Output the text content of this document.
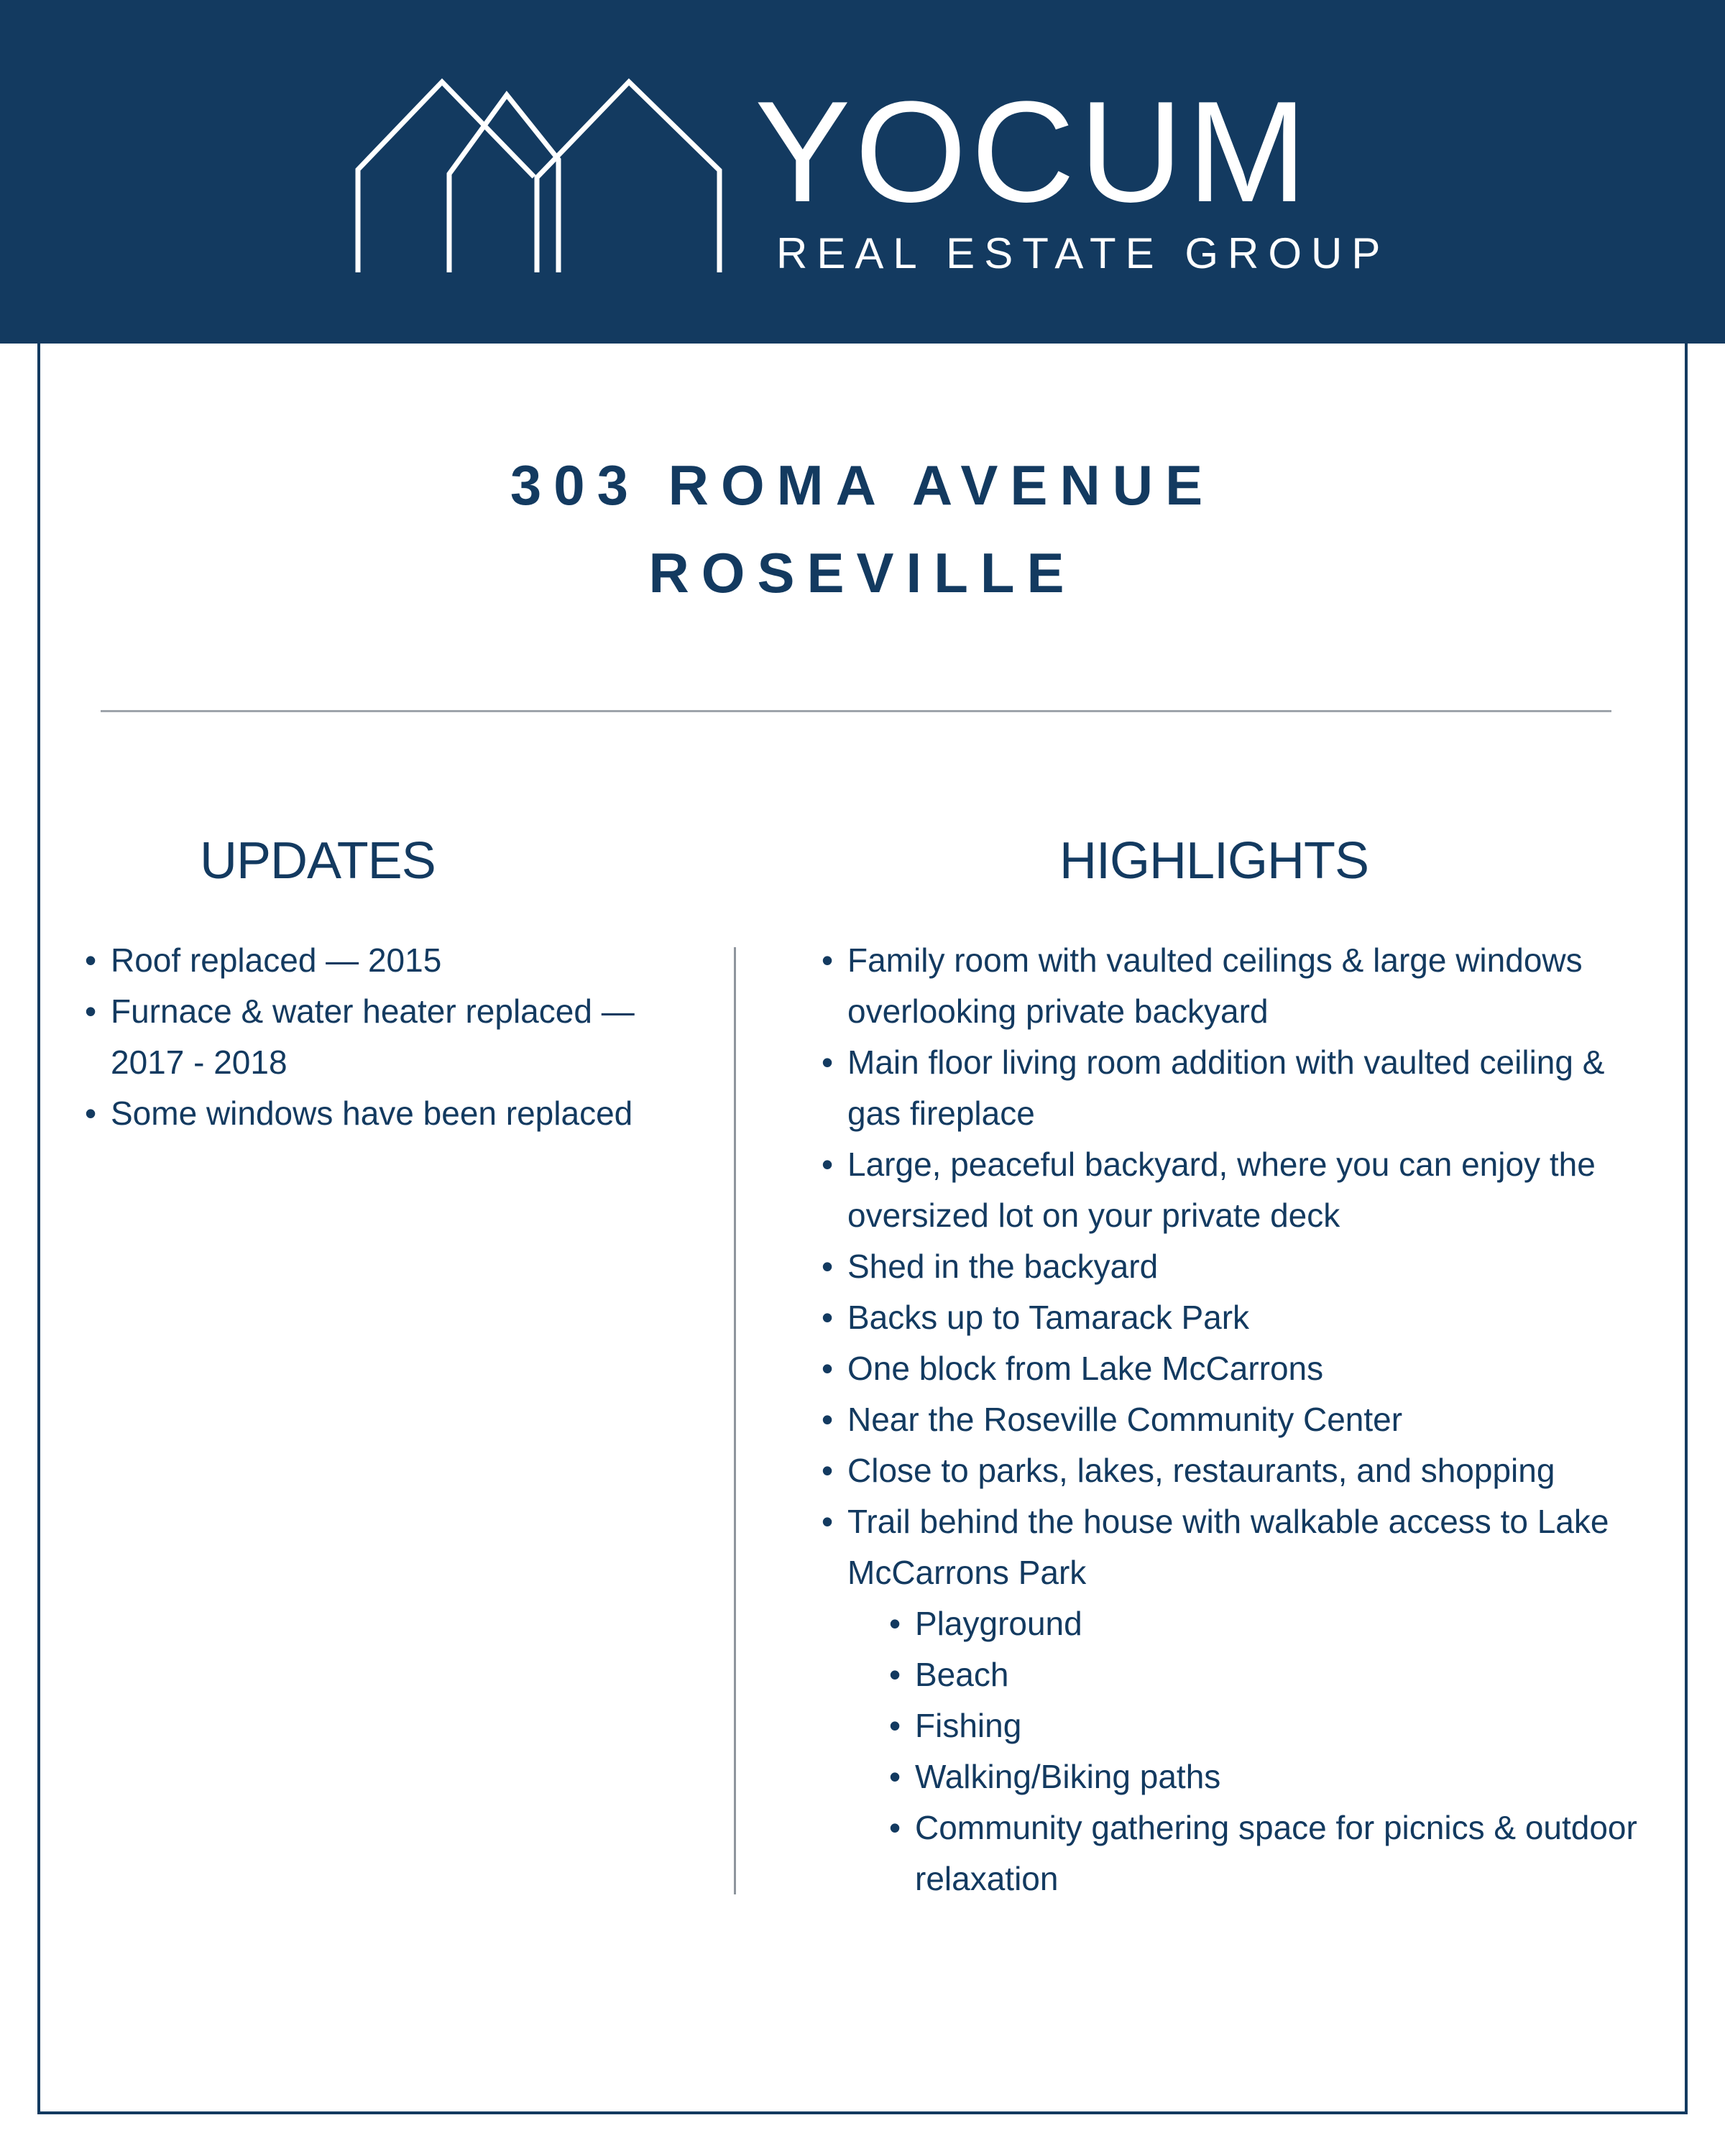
YOCUM
REAL ESTATE GROUP
303 ROMA AVENUE
ROSEVILLE
UPDATES	HIGHLIGHTS
• Roof replaced — 2015
• Furnace & water heater replaced — 2017 - 2018
• Some windows have been replaced
• Family room with vaulted ceilings & large windows overlooking private backyard
• Main floor living room addition with vaulted ceiling & gas fireplace
• Large, peaceful backyard, where you can enjoy the oversized lot on your private deck
• Shed in the backyard
• Backs up to Tamarack Park
• One block from Lake McCarrons
• Near the Roseville Community Center
• Close to parks, lakes, restaurants, and shopping
• Trail behind the house with walkable access to Lake McCarrons Park
• Playground
• Beach
• Fishing
• Walking/Biking paths
• Community gathering space for picnics & outdoor relaxation
